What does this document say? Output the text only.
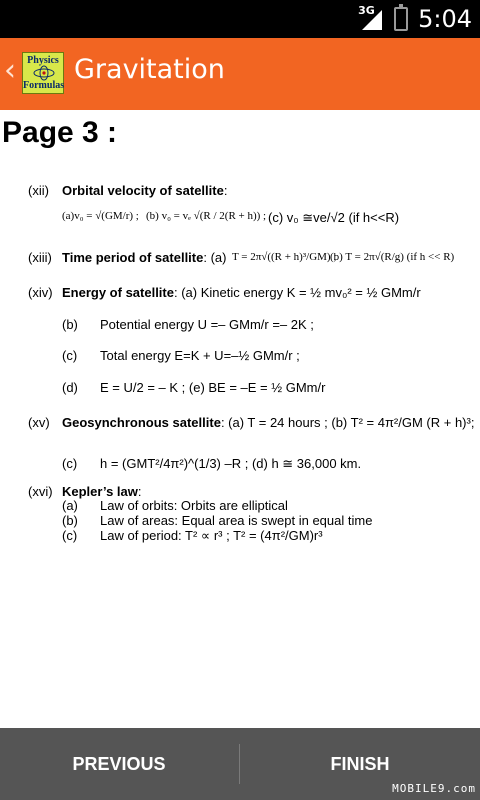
3G 5:04
‹	Physics
Formulas
Gravitation
Page 3 :
(xii) Orbital velocity of satellite:
(a)v₀ = √(GM/r) ; (b) v₀ = vₑ √(R / 2(R + h)) ; (c) v₀ ≅ve/√2 (if h<<R)
(xiii) Time period of satellite: (a) T = 2π√((R + h)³/GM) ;
(b) T = 2π√(R/g) (if h << R)
(xiv) Energy of satellite: (a) Kinetic energy K = ½ mv₀² = ½ GMm/r
(b) Potential energy U =– GMm/r =– 2K ;
(c) Total energy E=K + U=–½ GMm/r ;
(d) E = U/2 = – K ; (e) BE = –E = ½ GMm/r
(xv) Geosynchronous satellite: (a) T = 24 hours ; (b) T² = 4π²/GM (R + h)³;
(c) h = (GMT²/4π²)^(1/3) –R ; (d) h ≅ 36,000 km.
(xvi) Kepler’s law:
(a) Law of orbits: Orbits are elliptical
(b) Law of areas: Equal area is swept in equal time
(c) Law of period: T² ∝ r³ ; T² = (4π²/GM)r³
PREVIOUS	FINISH
MOBILE9.com
